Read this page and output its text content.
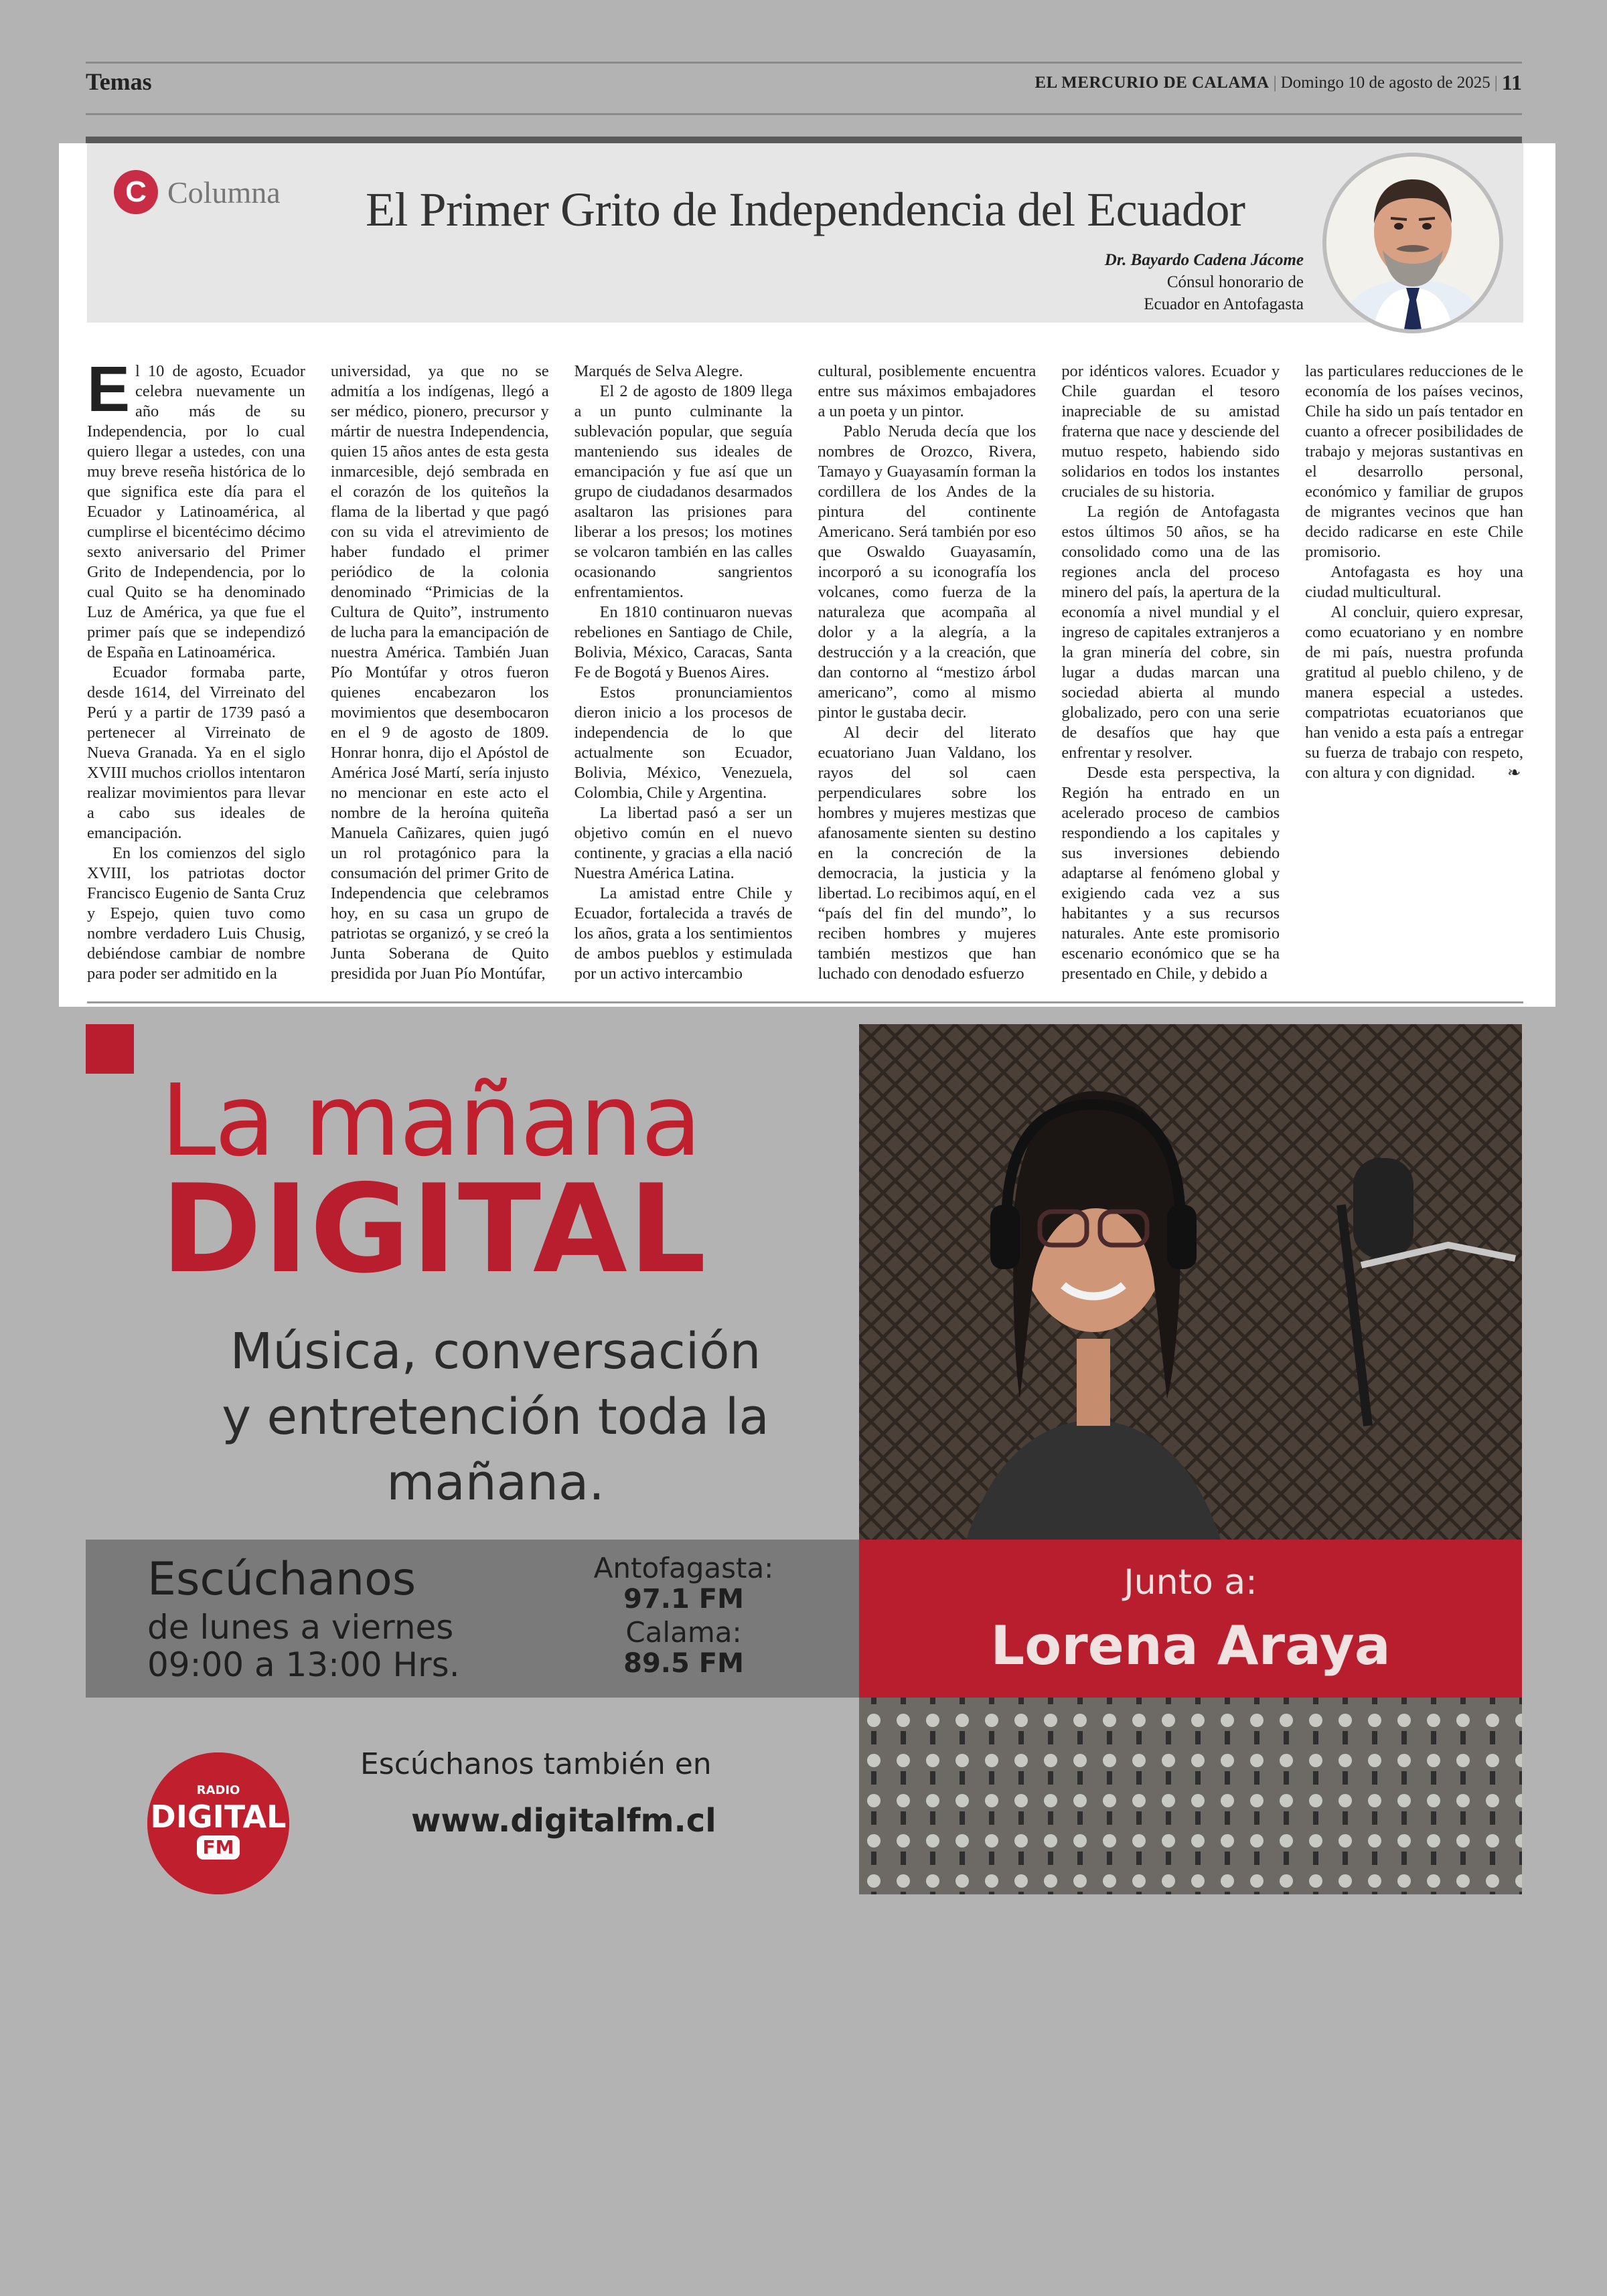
Temas	EL MERCURIO DE CALAMA | Domingo 10 de agosto de 2025 | 11
C Columna El Primer Grito de Independencia del Ecuador
Dr. Bayardo Cadena Jácome
Cónsul honorario de
Ecuador en Antofagasta

El 10 de agosto, Ecuador celebra nuevamente un año más de su Independencia, por lo cual quiero llegar a ustedes, con una muy breve reseña histórica de lo que significa este día para el Ecuador y Latinoamérica, al cumplirse el bicentécimo décimo sexto aniversario del Primer Grito de Independencia, por lo cual Quito se ha denominado Luz de América, ya que fue el primer país que se independizó de España en Latinoamérica.

Ecuador formaba parte, desde 1614, del Virreinato del Perú y a partir de 1739 pasó a pertenecer al Virreinato de Nueva Granada. Ya en el siglo XVIII muchos criollos intentaron realizar movimientos para llevar a cabo sus ideales de emancipación.

En los comienzos del siglo XVIII, los patriotas doctor Francisco Eugenio de Santa Cruz y Espejo, quien tuvo como nombre verdadero Luis Chusig, debiéndose cambiar de nombre para poder ser admitido en la

universidad, ya que no se admitía a los indígenas, llegó a ser médico, pionero, precursor y mártir de nuestra Independencia, quien 15 años antes de esta gesta inmarcesible, dejó sembrada en el corazón de los quiteños la flama de la libertad y que pagó con su vida el atrevimiento de haber fundado el primer periódico de la colonia denominado “Primicias de la Cultura de Quito”, instrumento de lucha para la emancipación de nuestra América. También Juan Pío Montúfar y otros fueron quienes encabezaron los movimientos que desembocaron en el 9 de agosto de 1809. Honrar honra, dijo el Apóstol de América José Martí, sería injusto no mencionar en este acto el nombre de la heroína quiteña Manuela Cañizares, quien jugó un rol protagónico para la consumación del primer Grito de Independencia que celebramos hoy, en su casa un grupo de patriotas se organizó, y se creó la Junta Soberana de Quito presidida por Juan Pío Montúfar,

Marqués de Selva Alegre.

El 2 de agosto de 1809 llega a un punto culminante la sublevación popular, que seguía manteniendo sus ideales de emancipación y fue así que un grupo de ciudadanos desarmados asaltaron las prisiones para liberar a los presos; los motines se volcaron también en las calles ocasionando sangrientos enfrentamientos.

En 1810 continuaron nuevas rebeliones en Santiago de Chile, Bolivia, México, Caracas, Santa Fe de Bogotá y Buenos Aires.

Estos pronunciamientos dieron inicio a los procesos de independencia de lo que actualmente son Ecuador, Bolivia, México, Venezuela, Colombia, Chile y Argentina.

La libertad pasó a ser un objetivo común en el nuevo continente, y gracias a ella nació Nuestra América Latina.

La amistad entre Chile y Ecuador, fortalecida a través de los años, grata a los sentimientos de ambos pueblos y estimulada por un activo intercambio

cultural, posiblemente encuentra entre sus máximos embajadores a un poeta y un pintor.

Pablo Neruda decía que los nombres de Orozco, Rivera, Tamayo y Guayasamín forman la cordillera de los Andes de la pintura del continente Americano. Será también por eso que Oswaldo Guayasamín, incorporó a su iconografía los volcanes, como fuerza de la naturaleza que acompaña al dolor y a la alegría, a la destrucción y a la creación, que dan contorno al “mestizo árbol americano”, como al mismo pintor le gustaba decir.

Al decir del literato ecuatoriano Juan Valdano, los rayos del sol caen perpendiculares sobre los hombres y mujeres mestizas que afanosamente sienten su destino en la concreción de la democracia, la justicia y la libertad. Lo recibimos aquí, en el “país del fin del mundo”, lo reciben hombres y mujeres también mestizos que han luchado con denodado esfuerzo

por idénticos valores. Ecuador y Chile guardan el tesoro inapreciable de su amistad fraterna que nace y desciende del mutuo respeto, habiendo sido solidarios en todos los instantes cruciales de su historia.

La región de Antofagasta estos últimos 50 años, se ha consolidado como una de las regiones ancla del proceso minero del país, la apertura de la economía a nivel mundial y el ingreso de capitales extranjeros a la gran minería del cobre, sin lugar a dudas marcan una sociedad abierta al mundo globalizado, pero con una serie de desafíos que hay que enfrentar y resolver.

Desde esta perspectiva, la Región ha entrado en un acelerado proceso de cambios respondiendo a los capitales y sus inversiones debiendo adaptarse al fenómeno global y exigiendo cada vez a sus habitantes y a sus recursos naturales. Ante este promisorio escenario económico que se ha presentado en Chile, y debido a

las particulares reducciones de le economía de los países vecinos, Chile ha sido un país tentador en cuanto a ofrecer posibilidades de trabajo y mejoras sustantivas en el desarrollo personal, económico y familiar de grupos de migrantes vecinos que han decido radicarse en este Chile promisorio.

Antofagasta es hoy una ciudad multicultural.

Al concluir, quiero expresar, como ecuatoriano y en nombre de mi país, nuestra profunda gratitud al pueblo chileno, y de manera especial a ustedes. compatriotas ecuatorianos que han venido a esta país a entregar su fuerza de trabajo con respeto, con altura y con dignidad. ❧

La mañana
DIGITAL
Música, conversación
y entretención toda la
mañana.
Escúchanos
de lunes a viernes
09:00 a 13:00 Hrs.
Antofagasta:
97.1 FM
Calama:
89.5 FM
Junto a:
Lorena Araya
RADIO
DIGITAL
FM
Escúchanos también en
www.digitalfm.cl
